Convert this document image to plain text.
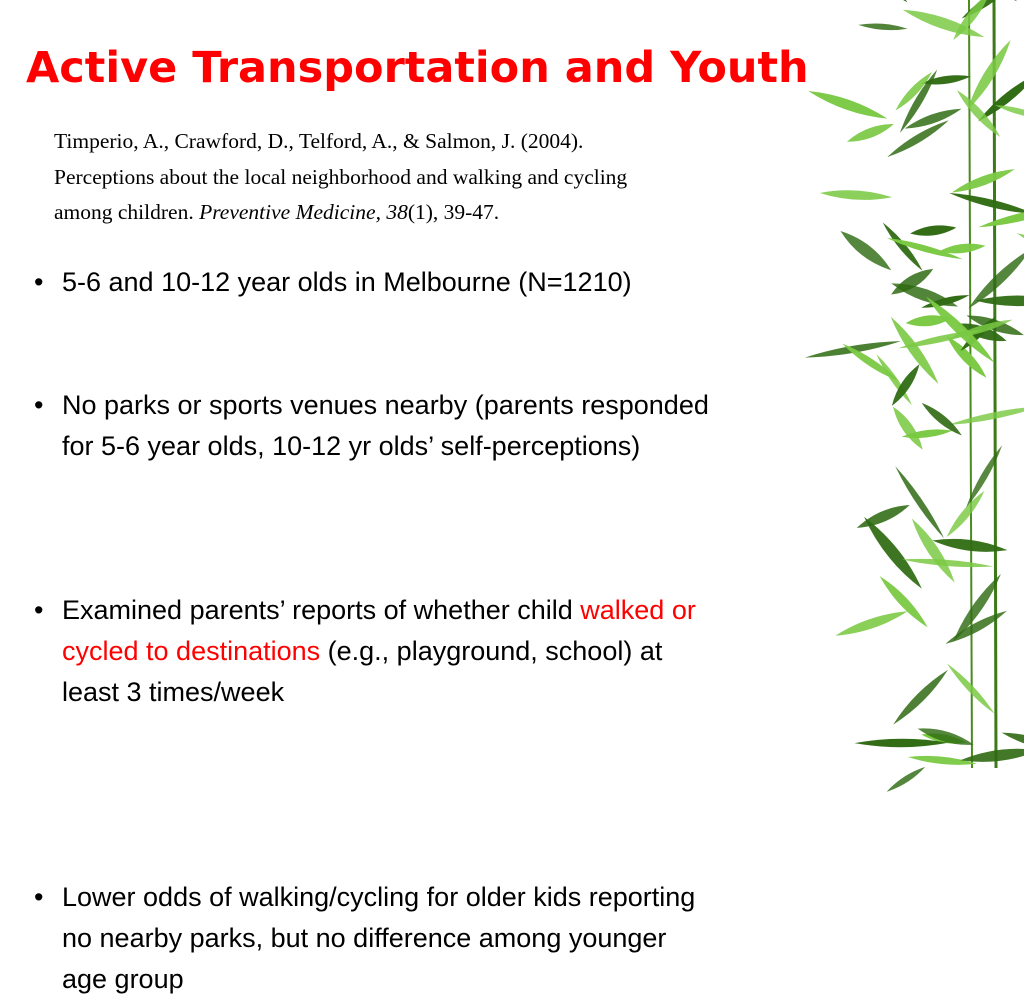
Active Transportation and Youth

Timperio, A., Crawford, D., Telford, A., & Salmon, J. (2004).
Perceptions about the local neighborhood and walking and cycling
among children. Preventive Medicine, 38(1), 39-47.

• 5-6 and 10-12 year olds in Melbourne (N=1210)
• No parks or sports venues nearby (parents responded
for 5-6 year olds, 10-12 yr olds’ self-perceptions)
• Examined parents’ reports of whether child walked or
cycled to destinations (e.g., playground, school) at
least 3 times/week
• Lower odds of walking/cycling for older kids reporting
no nearby parks, but no difference among younger
age group
